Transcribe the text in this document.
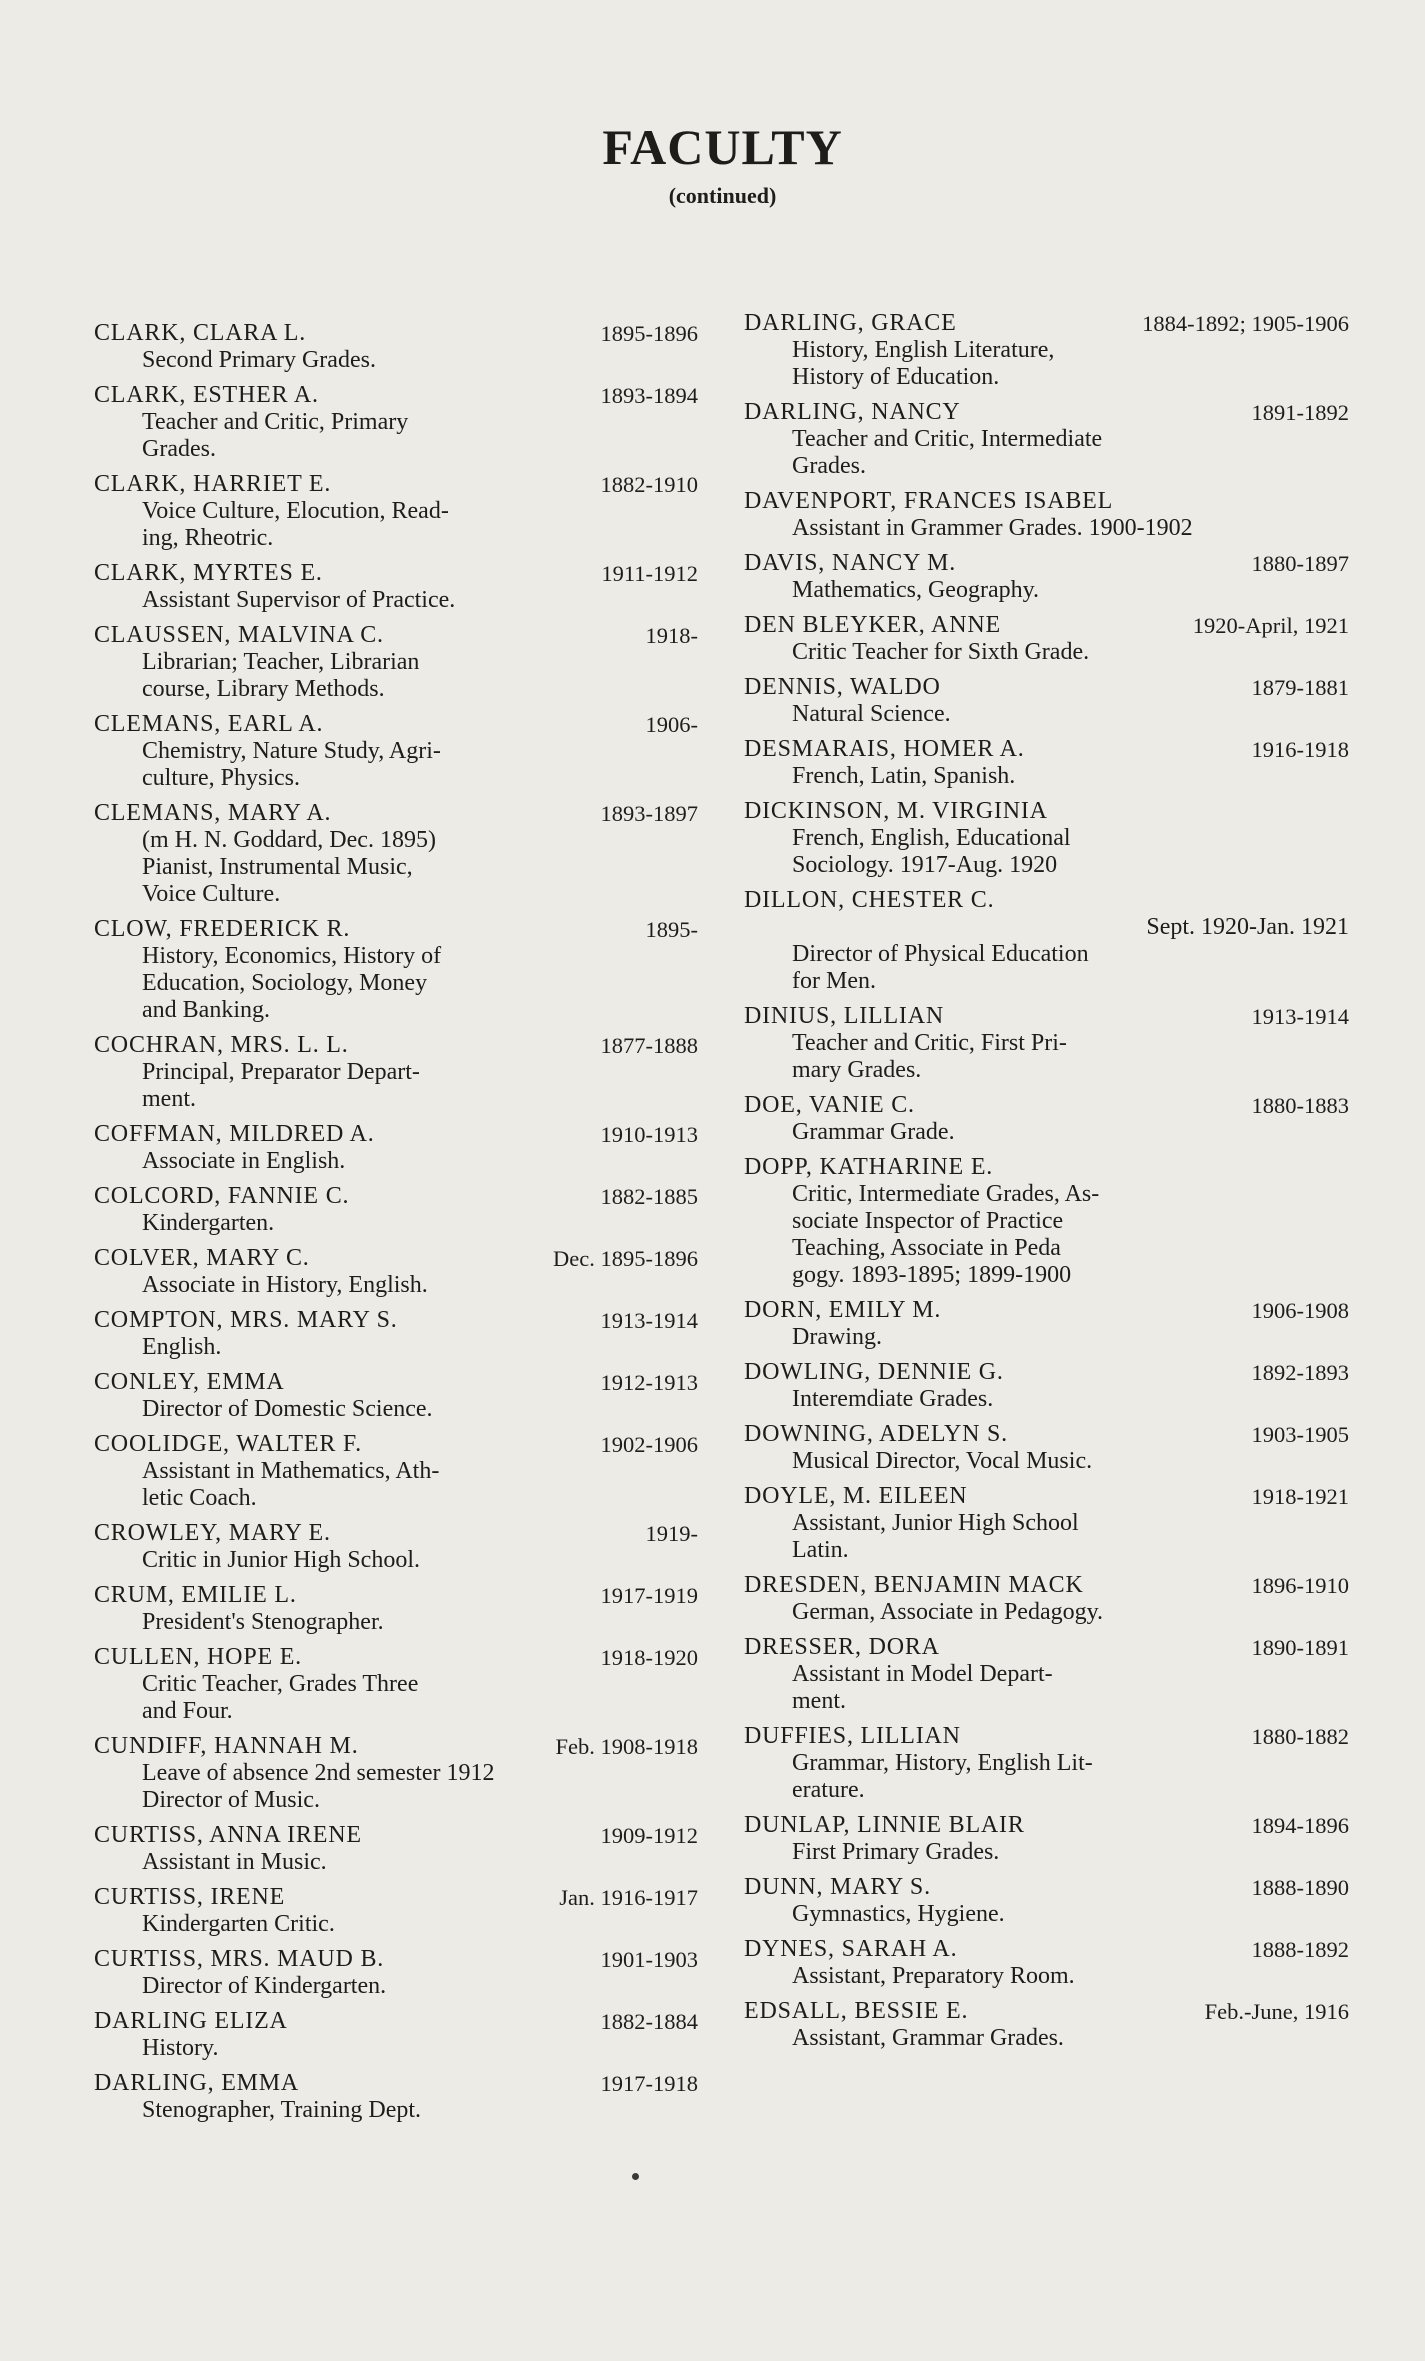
FACULTY
(continued)
CLARK, CLARA L.	1895-1896
Second Primary Grades.
CLARK, ESTHER A.	1893-1894
Teacher and Critic, Primary
Grades.
CLARK, HARRIET E.	1882-1910
Voice Culture, Elocution, Read-
ing, Rheotric.
CLARK, MYRTES E.	1911-1912
Assistant Supervisor of Practice.
CLAUSSEN, MALVINA C.	1918-
Librarian; Teacher, Librarian
course, Library Methods.
CLEMANS, EARL A.	1906-
Chemistry, Nature Study, Agri-
culture, Physics.
CLEMANS, MARY A.	1893-1897
(m H. N. Goddard, Dec. 1895)
Pianist, Instrumental Music,
Voice Culture.
CLOW, FREDERICK R.	1895-
History, Economics, History of
Education, Sociology, Money
and Banking.
COCHRAN, MRS. L. L.	1877-1888
Principal, Preparator Depart-
ment.
COFFMAN, MILDRED A.	1910-1913
Associate in English.
COLCORD, FANNIE C.	1882-1885
Kindergarten.
COLVER, MARY C.	Dec. 1895-1896
Associate in History, English.
COMPTON, MRS. MARY S.	1913-1914
English.
CONLEY, EMMA	1912-1913
Director of Domestic Science.
COOLIDGE, WALTER F.	1902-1906
Assistant in Mathematics, Ath-
letic Coach.
CROWLEY, MARY E.	1919-
Critic in Junior High School.
CRUM, EMILIE L.	1917-1919
President's Stenographer.
CULLEN, HOPE E.	1918-1920
Critic Teacher, Grades Three
and Four.
CUNDIFF, HANNAH M.	Feb. 1908-1918
Leave of absence 2nd semester 1912
Director of Music.
CURTISS, ANNA IRENE	1909-1912
Assistant in Music.
CURTISS, IRENE	Jan. 1916-1917
Kindergarten Critic.
CURTISS, MRS. MAUD B.	1901-1903
Director of Kindergarten.
DARLING ELIZA	1882-1884
History.
DARLING, EMMA	1917-1918
Stenographer, Training Dept.
DARLING, GRACE	1884-1892; 1905-1906
History, English Literature,
History of Education.
DARLING, NANCY	1891-1892
Teacher and Critic, Intermediate
Grades.
DAVENPORT, FRANCES ISABEL
Assistant in Grammer Grades. 1900-1902
DAVIS, NANCY M.	1880-1897
Mathematics, Geography.
DEN BLEYKER, ANNE	1920-April, 1921
Critic Teacher for Sixth Grade.
DENNIS, WALDO	1879-1881
Natural Science.
DESMARAIS, HOMER A.	1916-1918
French, Latin, Spanish.
DICKINSON, M. VIRGINIA
French, English, Educational
Sociology. 1917-Aug. 1920
DILLON, CHESTER C.
Sept. 1920-Jan. 1921
Director of Physical Education
for Men.
DINIUS, LILLIAN	1913-1914
Teacher and Critic, First Pri-
mary Grades.
DOE, VANIE C.	1880-1883
Grammar Grade.
DOPP, KATHARINE E.
Critic, Intermediate Grades, As-
sociate Inspector of Practice
Teaching, Associate in Peda
gogy. 1893-1895; 1899-1900
DORN, EMILY M.	1906-1908
Drawing.
DOWLING, DENNIE G.	1892-1893
Interemdiate Grades.
DOWNING, ADELYN S.	1903-1905
Musical Director, Vocal Music.
DOYLE, M. EILEEN	1918-1921
Assistant, Junior High School
Latin.
DRESDEN, BENJAMIN MACK	1896-1910
German, Associate in Pedagogy.
DRESSER, DORA	1890-1891
Assistant in Model Depart-
ment.
DUFFIES, LILLIAN	1880-1882
Grammar, History, English Lit-
erature.
DUNLAP, LINNIE BLAIR	1894-1896
First Primary Grades.
DUNN, MARY S.	1888-1890
Gymnastics, Hygiene.
DYNES, SARAH A.	1888-1892
Assistant, Preparatory Room.
EDSALL, BESSIE E.	Feb.-June, 1916
Assistant, Grammar Grades.
